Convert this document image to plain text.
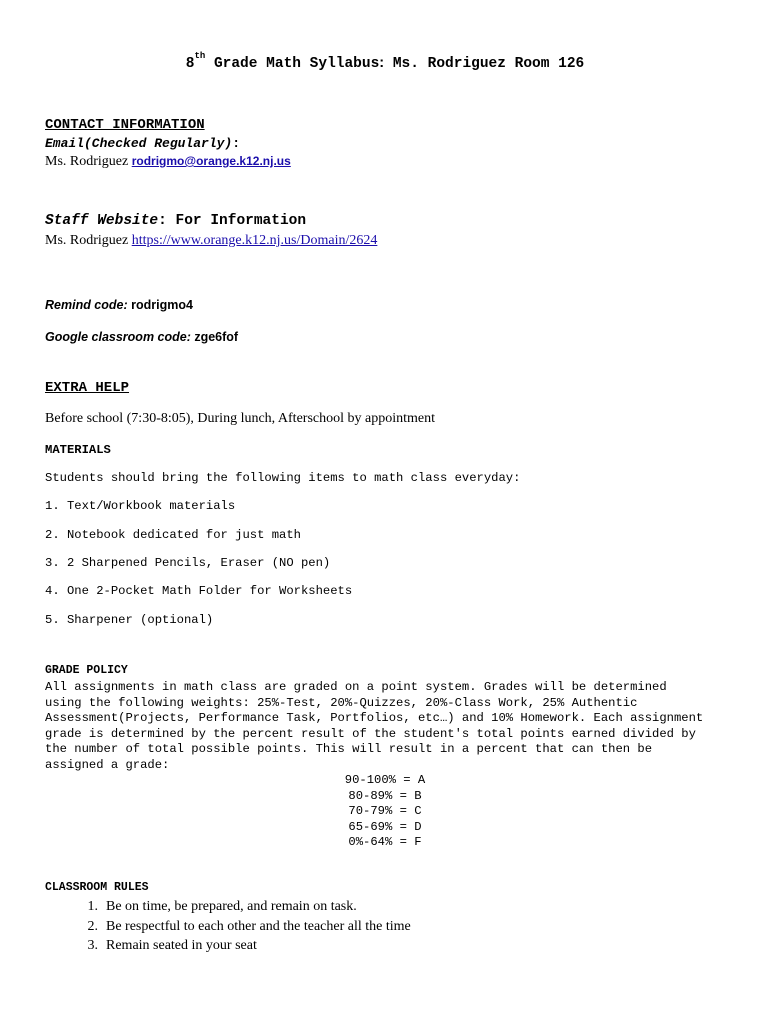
8th Grade Math Syllabus: Ms. Rodriguez Room 126
CONTACT INFORMATION
Email(Checked Regularly):
Ms. Rodriguez rodrigmo@orange.k12.nj.us
Staff Website: For Information
Ms. Rodriguez https://www.orange.k12.nj.us/Domain/2624
Remind code: rodrigmo4
Google classroom code: zge6fof
EXTRA HELP
Before school (7:30-8:05), During lunch, Afterschool by appointment
MATERIALS
Students should bring the following items to math class everyday:
1. Text/Workbook materials
2. Notebook dedicated for just math
3. 2 Sharpened Pencils, Eraser (NO pen)
4. One 2-Pocket Math Folder for Worksheets
5. Sharpener (optional)
GRADE POLICY
All assignments in math class are graded on a point system. Grades will be determined
using the following weights: 25%-Test, 20%-Quizzes, 20%-Class Work, 25% Authentic
Assessment(Projects, Performance Task, Portfolios, etc…) and 10% Homework. Each assignment
grade is determined by the percent result of the student's total points earned divided by
the number of total possible points. This will result in a percent that can then be
assigned a grade:
90-100% = A
80-89% = B
70-79% = C
65-69% = D
0%-64% = F
CLASSROOM RULES
1. Be on time, be prepared, and remain on task.
2. Be respectful to each other and the teacher all the time
3. Remain seated in your seat
